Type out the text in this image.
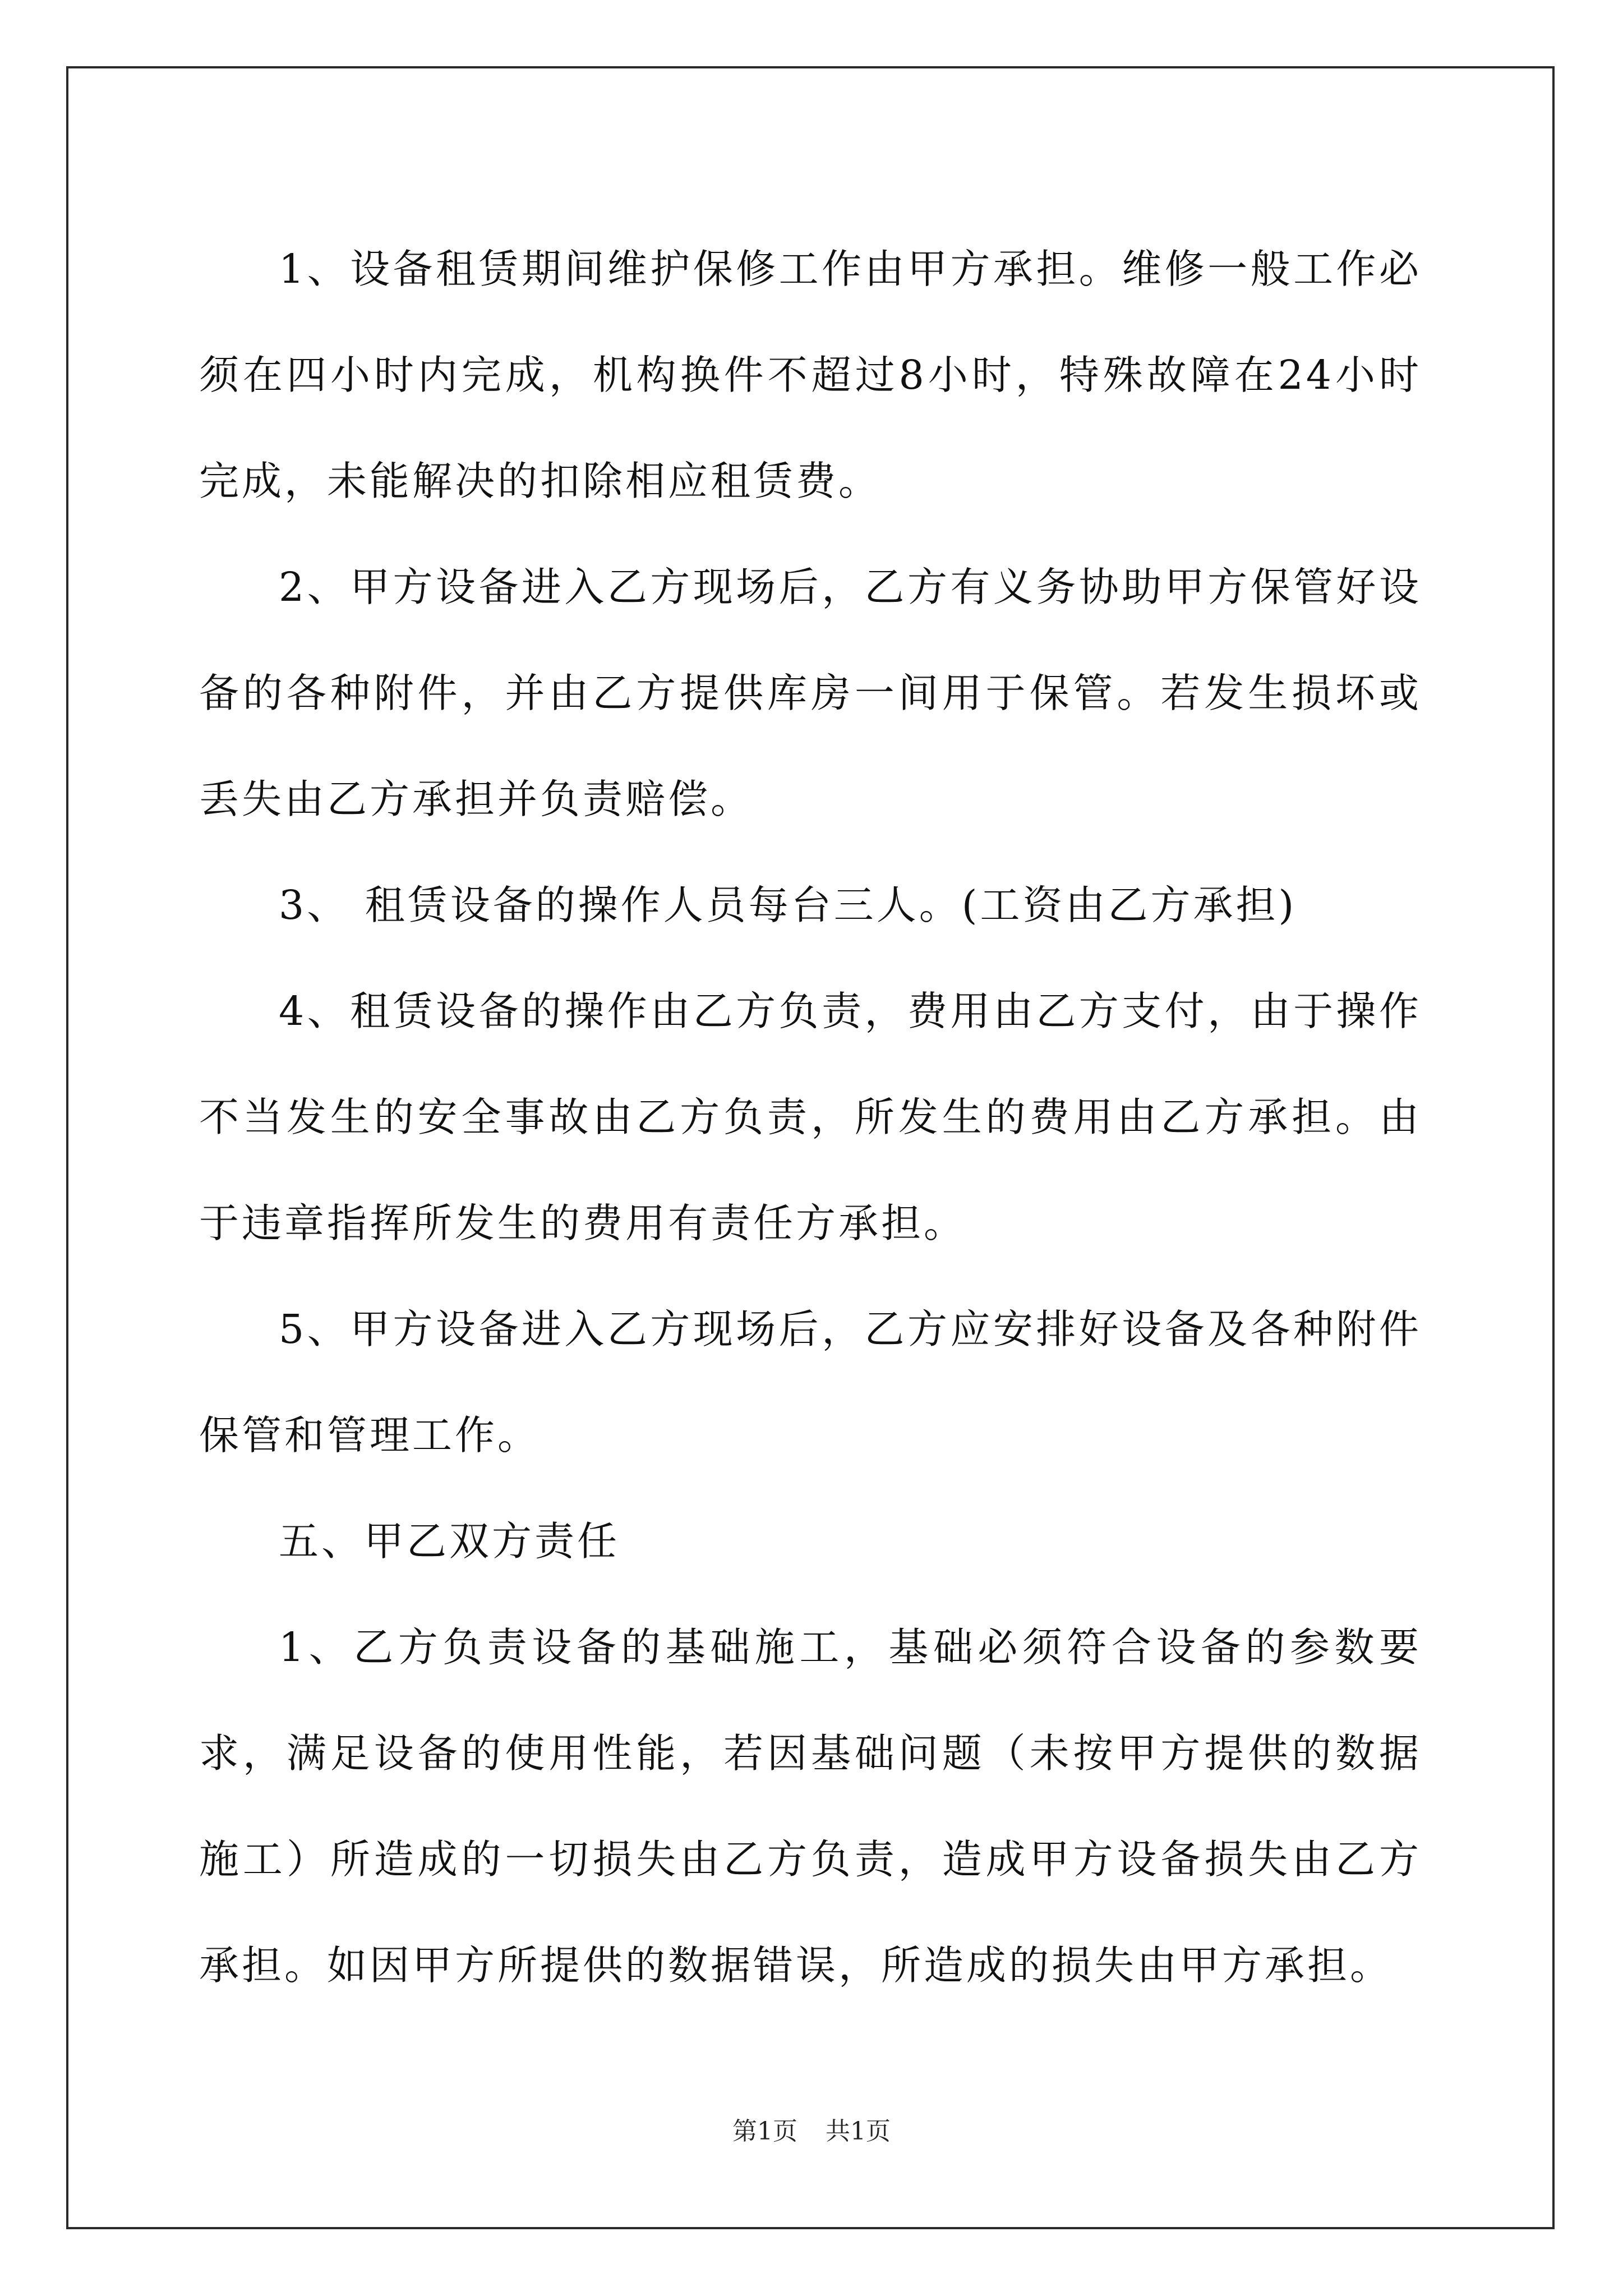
1、设备租赁期间维护保修工作由甲方承担。维修一般工作必须在四小时内完成，机构换件不超过8小时，特殊故障在24小时完成，未能解决的扣除相应租赁费。

2、甲方设备进入乙方现场后，乙方有义务协助甲方保管好设备的各种附件，并由乙方提供库房一间用于保管。若发生损坏或丢失由乙方承担并负责赔偿。

3、 租赁设备的操作人员每台三人。(工资由乙方承担)

4、租赁设备的操作由乙方负责，费用由乙方支付，由于操作不当发生的安全事故由乙方负责，所发生的费用由乙方承担。由于违章指挥所发生的费用有责任方承担。

5、甲方设备进入乙方现场后，乙方应安排好设备及各种附件保管和管理工作。

五、甲乙双方责任

1、乙方负责设备的基础施工，基础必须符合设备的参数要求，满足设备的使用性能，若因基础问题（未按甲方提供的数据施工）所造成的一切损失由乙方负责，造成甲方设备损失由乙方承担。如因甲方所提供的数据错误，所造成的损失由甲方承担。

第1页 共1页
